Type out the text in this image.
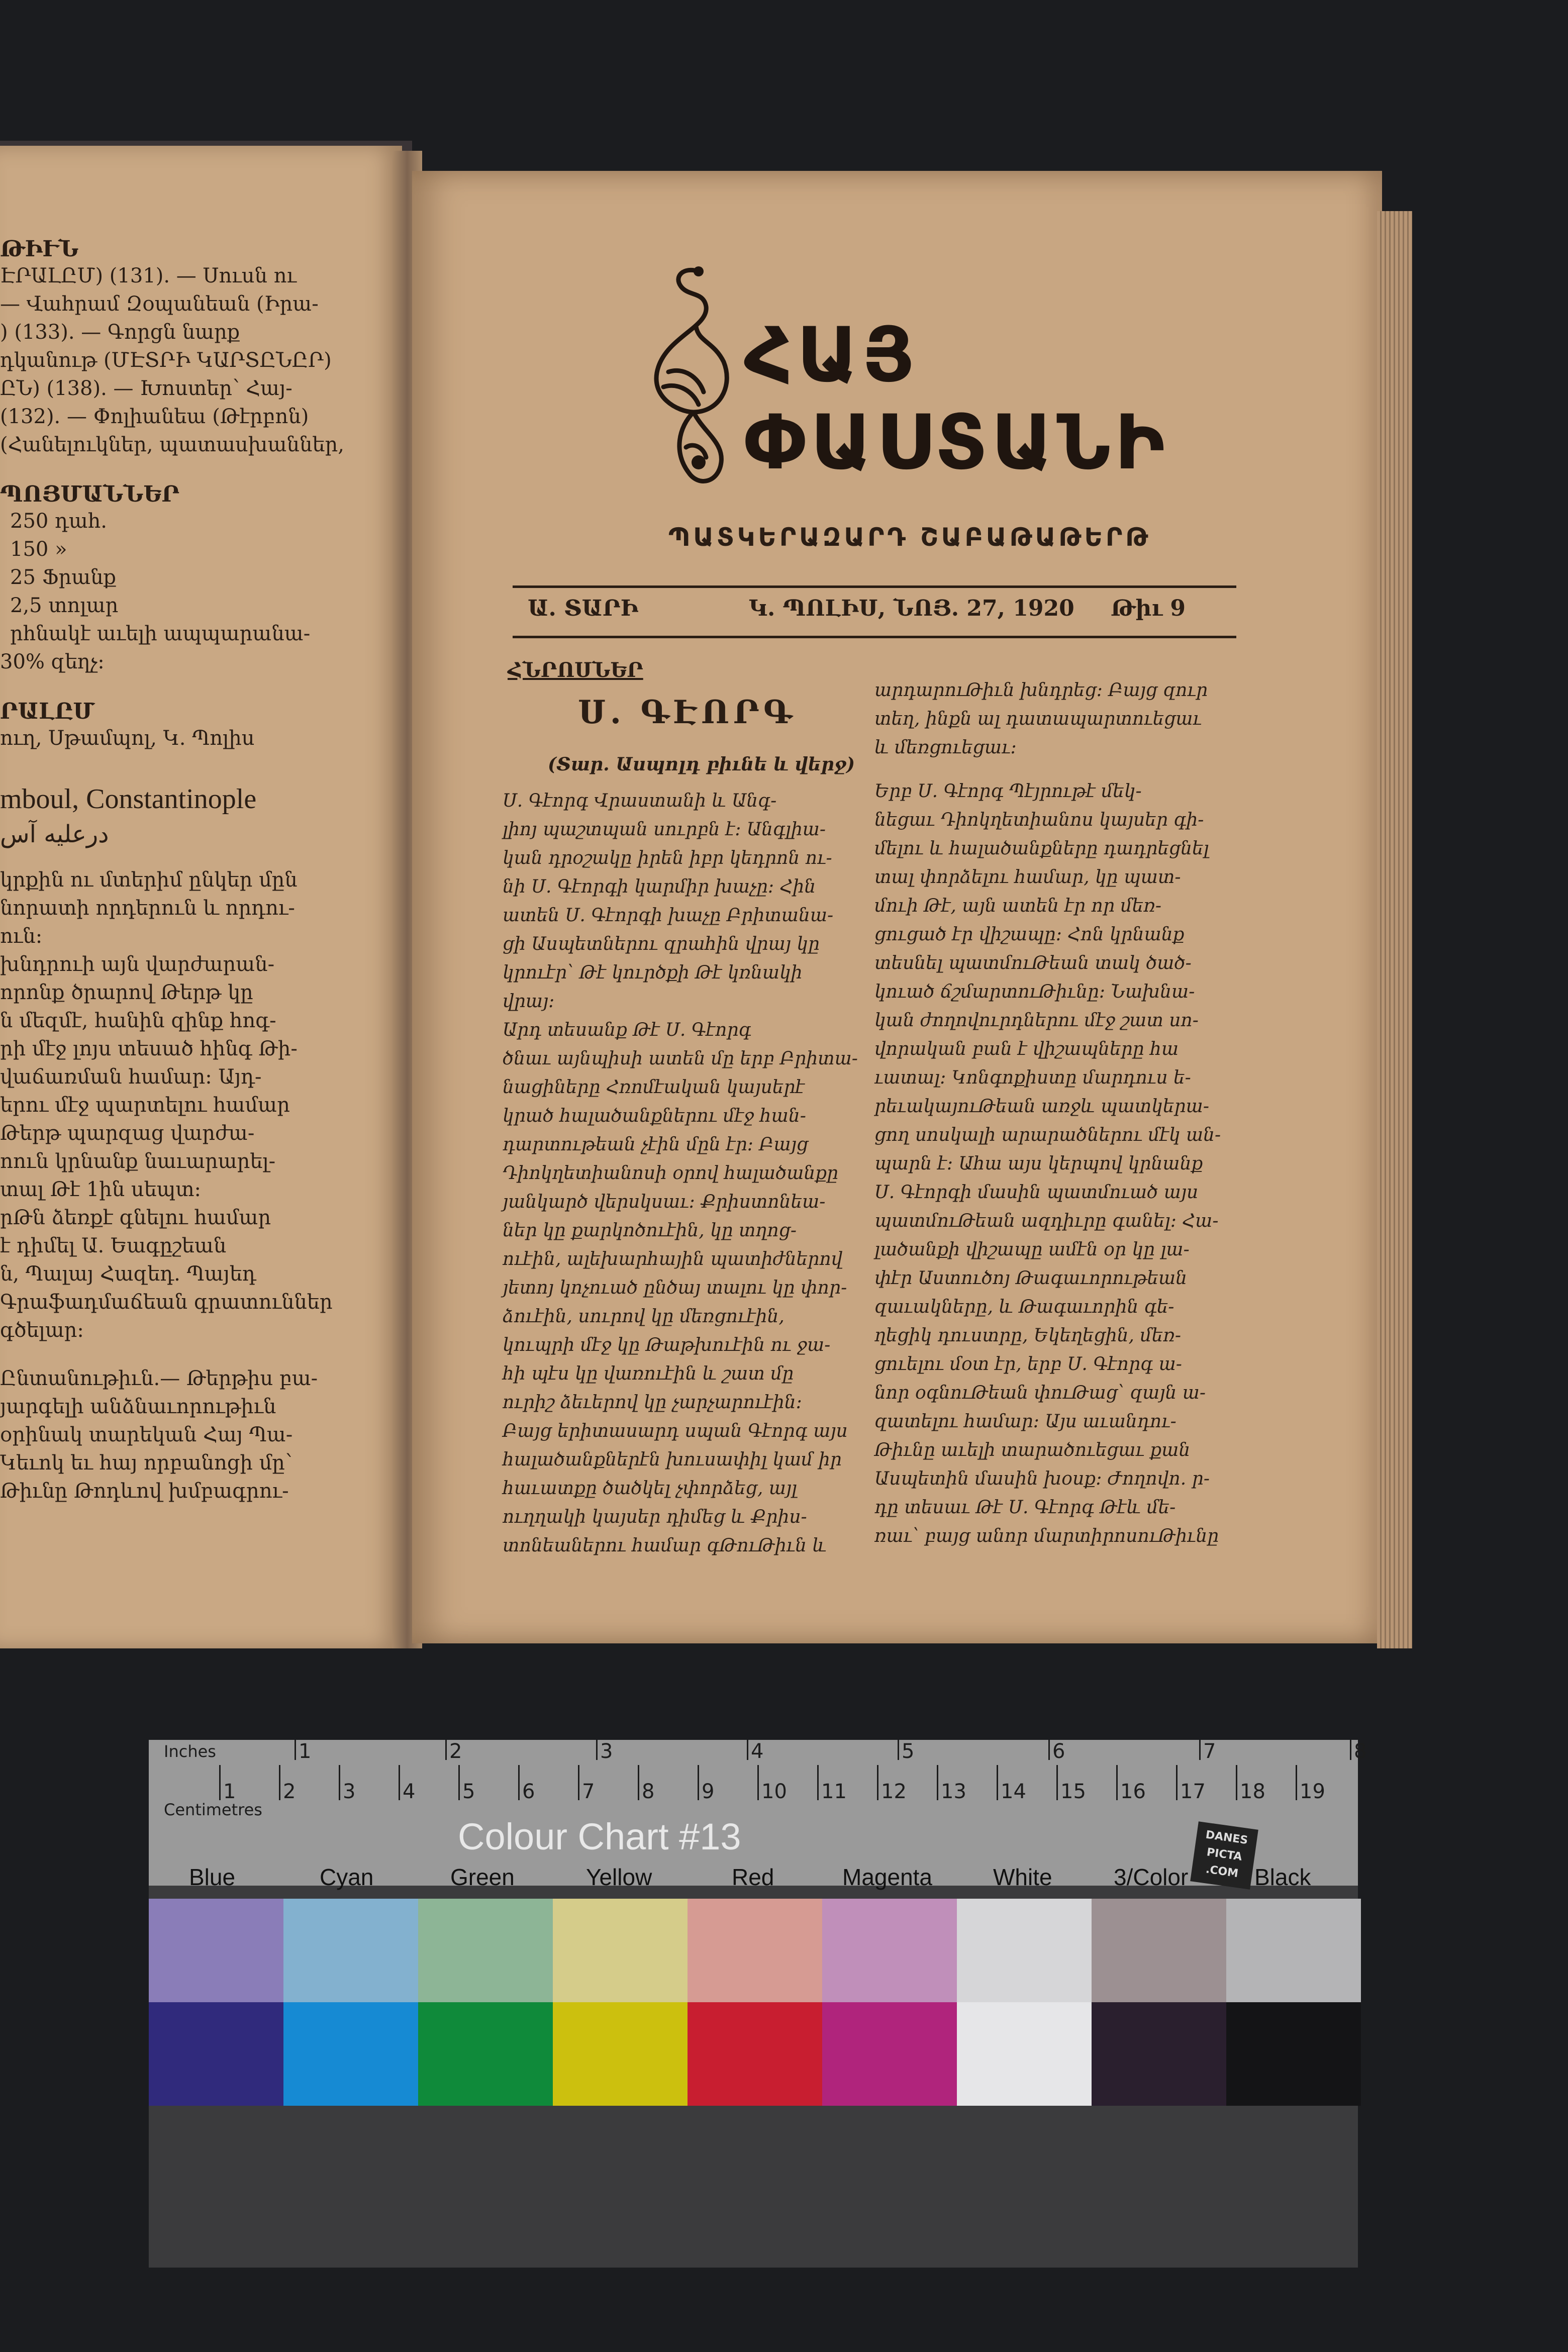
ԹԻՒՆ
ԷՐԱԼԸՄ) (131). — Սուսն ու
— Վահրամ Զօպանեան (Իրա-
) (133). — Գորցն նարք
դկանութ (ՄԷՏՐԻ ԿԱՐՏԸՆԸՐ)
ԸՆ) (138). — Խոստեր՝ Հայ-
(132). — Փոլիանեա (Թէրբոն)
(Հանելուկներ, պատասխաններ,
ՊՈՅՄԱՆՆԵՐ
250 դահ.
150 »
25 Ֆրանք
2,5 տոլար
րհնակէ աւելի ապպարանա-
30% զեղչ:
ՐԱԼԸՄ
ուղ, Սթամպոլ, Կ. Պոլիս
mboul, Constantinople
درعليه آس
կրքին ու մտերիմ ընկեր մըն
նորատի որդերուն և որդու-
ուն:
խնդրուի այն վարժարան-
որոնք ծրարով Թերթ կը
ն մեզմէ, հանին զինք հոգ-
րի մէջ լոյս տեսած հինգ Թի-
վաճառման համար: Այդ-
երու մէջ պարտելու համար
Թերթ պարզաց վարժա-
ոուն կրնանք նաւարարել-
տալ Թէ 1ին սեպտ:
րԹն ձեռքէ գնելու համար
է դիմել Ա. Եագըշեան
ն, Պալայ Հազեդ. Պայեդ
Գրաֆադմաճեան գրատուններ
գծելար:
Ընտանութիւն.— Թերթիս բա-
յարգելի անձնաւորութիւն
օրինակ տարեկան Հայ Պա-
Կեւոկ եւ հայ որբանոցի մը՝
Թիւնը Թոդևով խմբագրու-
ՀԱՅ ՓԱՍՏԱՆԻ
ՊԱՏԿԵՐԱԶԱՐԴ ՇԱԲԱԹԱԹԵՐԹ
Ա. ՏԱՐԻ	Կ. ՊՈԼԻՍ, ՆՈՅ. 27, 1920 Թիւ 9
ՀՆՐՈՍՆԵՐ
Ս. ԳԷՈՐԳ
(Տար. Ասպոլդ բիւնե և վերջ)
Ս. Գէորգ Վրաստանի և Անգ-
լիոյ պաշտպան սուրբն է: Անգլիա-
կան դրօշակը իրեն իբր կեդրոն ու-
նի Ս. Գէորգի կարմիր խաչը: Հին
ատեն Ս. Գէորգի խաչը Բրիտանա-
ցի Ասպետներու զրահին վրայ կը
կրուէր՝ Թէ կուրծքի Թէ կռնակի
վրայ:
Արդ տեսանք Թէ Ս. Գէորգ
ծնաւ այնպիսի ատեն մը երբ Բրիտա-
նացիները Հռոմէական կայսերէ
կրած հալածանքներու մէջ հան-
դարտութեան չէին մըն էր: Բայց
Դիոկղետիանոսի օրով հալածանքը
յանկարծ վերսկսաւ: Քրիստոնեա-
ներ կը քարկոծուէին, կը տղոց-
ուէին, ալեխարհային պատիժներով
յետոյ կոչուած ընծայ տալու կը փոր-
ձուէին, սուրով կը մեռցուէին,
կուպրի մէջ կը Թաթխուէին ու ջա-
հի պէս կը վառուէին և շատ մը
ուրիշ ձեւերով կը չարչարուէին:
Բայց երիտասարդ սպան Գէորգ այս
հալածանքներէն խուսափիլ կամ իր
հաւատքը ծածկել չփորձեց, այլ
ուղղակի կայսեր դիմեց և Քրիս-
տոնեաներու համար գԹուԹիւն և
արդարուԹիւն խնդրեց: Բայց զուր
տեղ, ինքն ալ դատապարտուեցաւ
և մեռցուեցաւ:
Երբ Ս. Գէորգ Պէյրութէ մեկ-
նեցաւ Դիոկղետիանոս կայսեր գի-
մելու և հալածանքները դադրեցնել
տալ փորձելու համար, կը պատ-
մուի Թէ, այն ատեն էր որ մեռ-
ցուցած էր վիշապը: Հոն կրնանք
տեսնել պատմուԹեան տակ ծած-
կուած ճշմարտուԹիւնը: Նախնա-
կան ժողովուրդներու մէջ շատ սո-
վորական բան է վիշապները հա
ւատալ: Կոնգոքիստը մարդուս ե-
րեւակայուԹեան առջև պատկերա-
ցող սոսկալի արարածներու մէկ ան-
պարն է: Ահա այս կերպով կրնանք
Ս. Գէորգի մասին պատմուած այս
պատմուԹեան ազդիւրը գանել: Հա-
լածանքի վիշապը ամէն օր կը լա-
փէր Աստուծոյ Թագաւորութեան
զաւակները, և Թագաւորին գե-
ղեցիկ դուստրը, Եկեղեցին, մեռ-
ցուելու մօտ էր, երբ Ս. Գէորգ ա-
նոր օգնուԹեան փուԹաց՝ զայն ա-
զատելու համար: Այս աւանդու-
Թիւնը աւելի տարածուեցաւ քան
Ասպետին մասին խօսք: Ժողովո. ր-
դը տեսաւ Թէ Ս. Գէորգ Թէև մե-
ռաւ՝ բայց անոր մարտիրոսուԹիւնը
Inches
Centimetres
1	2	3	4	5	6	7	8
1 2 3 4 5 6 7 8 9 10 11 12 13 14 15 16 17 18 19
Colour Chart #13	DANES PICTA .COM
Blue	Cyan	Green	Yellow	Red	Magenta	White	3/Color	Black
